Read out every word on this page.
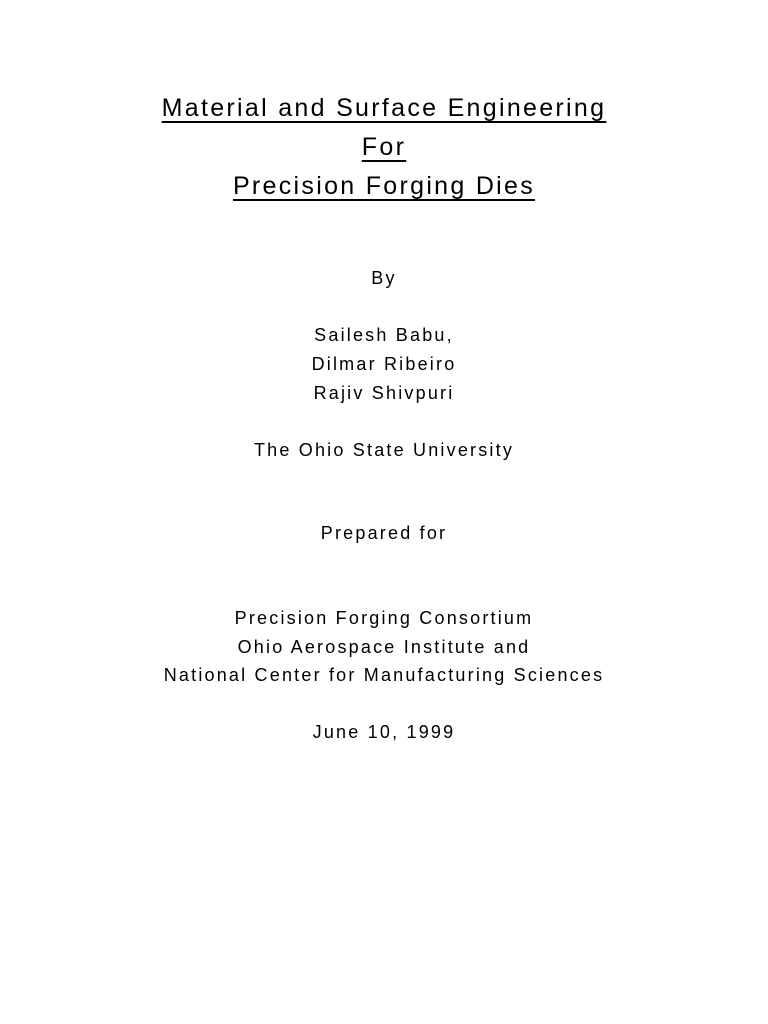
Material and Surface Engineering
For
Precision Forging Dies

By

Sailesh Babu,

Dilmar Ribeiro

Rajiv Shivpuri

The Ohio State University

Prepared for

Precision Forging Consortium

Ohio Aerospace Institute and

National Center for Manufacturing Sciences

June 10, 1999
